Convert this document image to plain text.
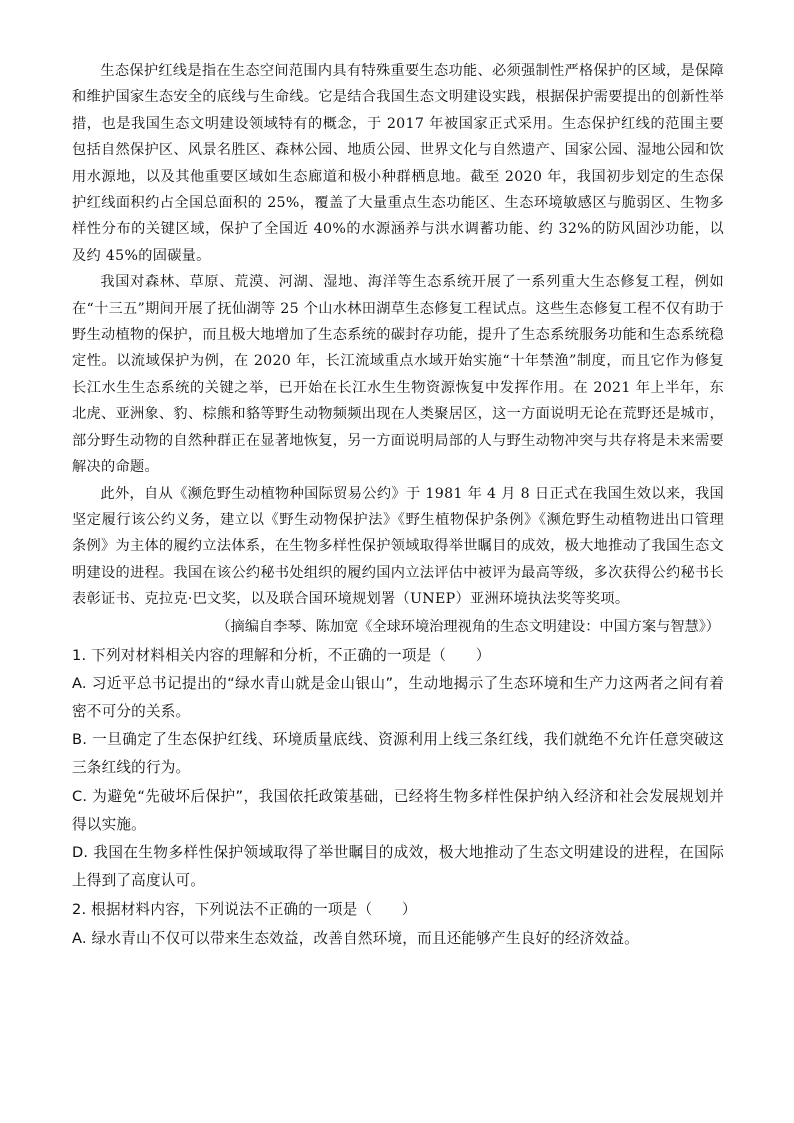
生态保护红线是指在生态空间范围内具有特殊重要生态功能、必须强制性严格保护的区域，是保障和维护国家生态安全的底线与生命线。它是结合我国生态文明建设实践，根据保护需要提出的创新性举措，也是我国生态文明建设领域特有的概念，于 2017 年被国家正式采用。生态保护红线的范围主要包括自然保护区、风景名胜区、森林公园、地质公园、世界文化与自然遗产、国家公园、湿地公园和饮用水源地，以及其他重要区域如生态廊道和极小种群栖息地。截至 2020 年，我国初步划定的生态保护红线面积约占全国总面积的 25%，覆盖了大量重点生态功能区、生态环境敏感区与脆弱区、生物多样性分布的关键区域，保护了全国近 40%的水源涵养与洪水调蓄功能、约 32%的防风固沙功能，以及约 45%的固碳量。

我国对森林、草原、荒漠、河湖、湿地、海洋等生态系统开展了一系列重大生态修复工程，例如在“十三五”期间开展了抚仙湖等 25 个山水林田湖草生态修复工程试点。这些生态修复工程不仅有助于野生动植物的保护，而且极大地增加了生态系统的碳封存功能，提升了生态系统服务功能和生态系统稳定性。以流域保护为例，在 2020 年，长江流域重点水域开始实施“十年禁渔”制度，而且它作为修复长江水生生态系统的关键之举，已开始在长江水生生物资源恢复中发挥作用。在 2021 年上半年，东北虎、亚洲象、豹、棕熊和貉等野生动物频频出现在人类聚居区，这一方面说明无论在荒野还是城市，部分野生动物的自然种群正在显著地恢复，另一方面说明局部的人与野生动物冲突与共存将是未来需要解决的命题。

此外，自从《濒危野生动植物种国际贸易公约》于 1981 年 4 月 8 日正式在我国生效以来，我国坚定履行该公约义务，建立以《野生动物保护法》《野生植物保护条例》《濒危野生动植物进出口管理条例》为主体的履约立法体系，在生物多样性保护领域取得举世瞩目的成效，极大地推动了我国生态文明建设的进程。我国在该公约秘书处组织的履约国内立法评估中被评为最高等级，多次获得公约秘书长表彰证书、克拉克·巴文奖，以及联合国环境规划署（UNEP）亚洲环境执法奖等奖项。

（摘编自李琴、陈加宽《全球环境治理视角的生态文明建设：中国方案与智慧》）

1. 下列对材料相关内容的理解和分析，不正确的一项是（　　）

A. 习近平总书记提出的“绿水青山就是金山银山”，生动地揭示了生态环境和生产力这两者之间有着密不可分的关系。

B. 一旦确定了生态保护红线、环境质量底线、资源利用上线三条红线，我们就绝不允许任意突破这三条红线的行为。

C. 为避免“先破坏后保护”，我国依托政策基础，已经将生物多样性保护纳入经济和社会发展规划并得以实施。

D. 我国在生物多样性保护领域取得了举世瞩目的成效，极大地推动了生态文明建设的进程，在国际上得到了高度认可。

2. 根据材料内容，下列说法不正确的一项是（　　）

A. 绿水青山不仅可以带来生态效益，改善自然环境，而且还能够产生良好的经济效益。
